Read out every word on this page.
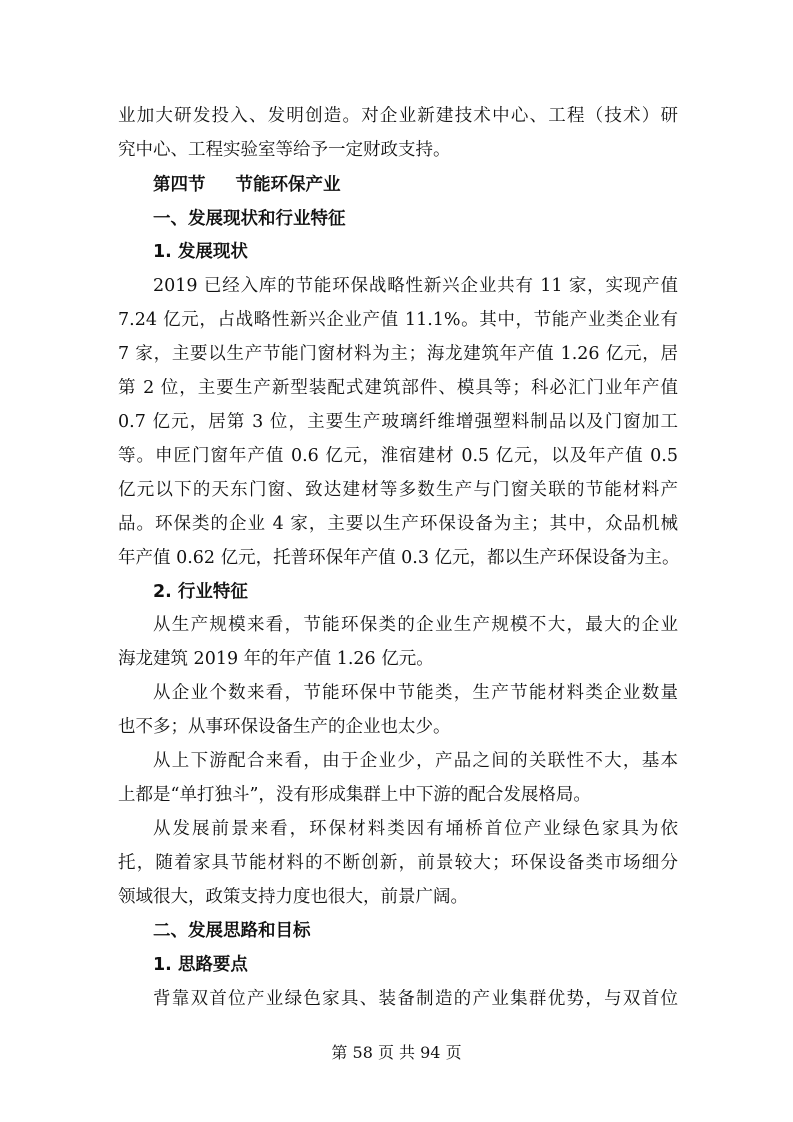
业加大研发投入、发明创造。对企业新建技术中心、工程（技术）研

究中心、工程实验室等给予一定财政支持。

第四节 节能环保产业

一、发展现状和行业特征

1. 发展现状

2019 已经入库的节能环保战略性新兴企业共有 11 家，实现产值

7.24 亿元，占战略性新兴企业产值 11.1%。其中，节能产业类企业有

7 家，主要以生产节能门窗材料为主；海龙建筑年产值 1.26 亿元，居

第 2 位，主要生产新型装配式建筑部件、模具等；科必汇门业年产值

0.7 亿元，居第 3 位，主要生产玻璃纤维增强塑料制品以及门窗加工

等。申匠门窗年产值 0.6 亿元，淮宿建材 0.5 亿元，以及年产值 0.5

亿元以下的天东门窗、致达建材等多数生产与门窗关联的节能材料产

品。环保类的企业 4 家，主要以生产环保设备为主；其中，众品机械

年产值 0.62 亿元，托普环保年产值 0.3 亿元，都以生产环保设备为主。

2. 行业特征

从生产规模来看，节能环保类的企业生产规模不大，最大的企业

海龙建筑 2019 年的年产值 1.26 亿元。

从企业个数来看，节能环保中节能类，生产节能材料类企业数量

也不多；从事环保设备生产的企业也太少。

从上下游配合来看，由于企业少，产品之间的关联性不大，基本

上都是“单打独斗”，没有形成集群上中下游的配合发展格局。

从发展前景来看，环保材料类因有埇桥首位产业绿色家具为依

托，随着家具节能材料的不断创新，前景较大；环保设备类市场细分

领域很大，政策支持力度也很大，前景广阔。

二、发展思路和目标

1. 思路要点

背靠双首位产业绿色家具、装备制造的产业集群优势，与双首位

第 58 页 共 94 页
